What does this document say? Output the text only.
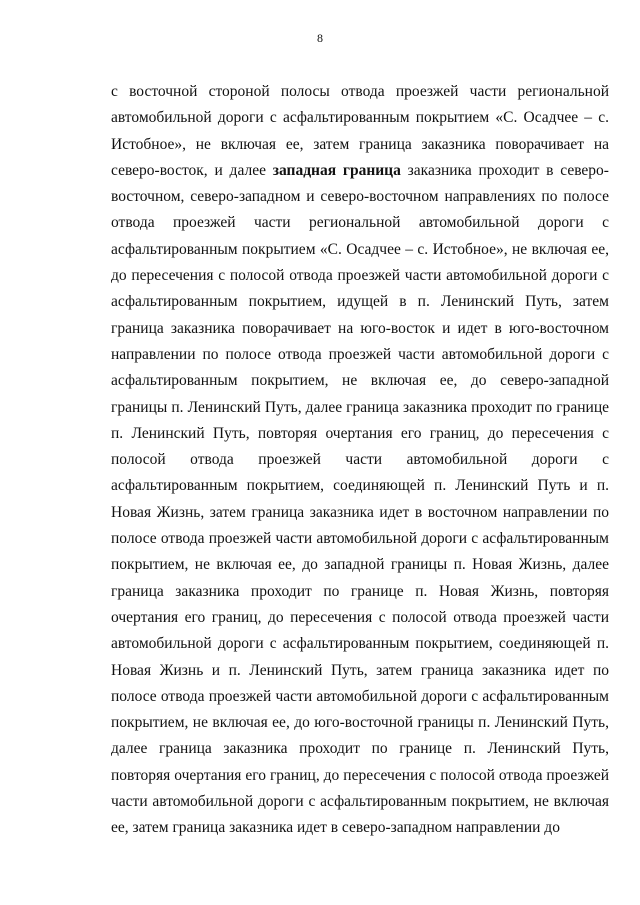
8

с восточной стороной полосы отвода проезжей части региональной автомобильной дороги с асфальтированным покрытием «С. Осадчее – с. Истобное», не включая ее, затем граница заказника поворачивает на северо-восток, и далее западная граница заказника проходит в северо-восточном, северо-западном и северо-восточном направлениях по полосе отвода проезжей части региональной автомобильной дороги с асфальтированным покрытием «С. Осадчее – с. Истобное», не включая ее, до пересечения с полосой отвода проезжей части автомобильной дороги с асфальтированным покрытием, идущей в п. Ленинский Путь, затем граница заказника поворачивает на юго-восток и идет в юго-восточном направлении по полосе отвода проезжей части автомобильной дороги с асфальтированным покрытием, не включая ее, до северо-западной границы п. Ленинский Путь, далее граница заказника проходит по границе п. Ленинский Путь, повторяя очертания его границ, до пересечения с полосой отвода проезжей части автомобильной дороги с асфальтированным покрытием, соединяющей п. Ленинский Путь и п. Новая Жизнь, затем граница заказника идет в восточном направлении по полосе отвода проезжей части автомобильной дороги с асфальтированным покрытием, не включая ее, до западной границы п. Новая Жизнь, далее граница заказника проходит по границе п. Новая Жизнь, повторяя очертания его границ, до пересечения с полосой отвода проезжей части автомобильной дороги с асфальтированным покрытием, соединяющей п. Новая Жизнь и п. Ленинский Путь, затем граница заказника идет по полосе отвода проезжей части автомобильной дороги с асфальтированным покрытием, не включая ее, до юго-восточной границы п. Ленинский Путь, далее граница заказника проходит по границе п. Ленинский Путь, повторяя очертания его границ, до пересечения с полосой отвода проезжей части автомобильной дороги с асфальтированным покрытием, не включая ее, затем граница заказника идет в северо-западном направлении до
